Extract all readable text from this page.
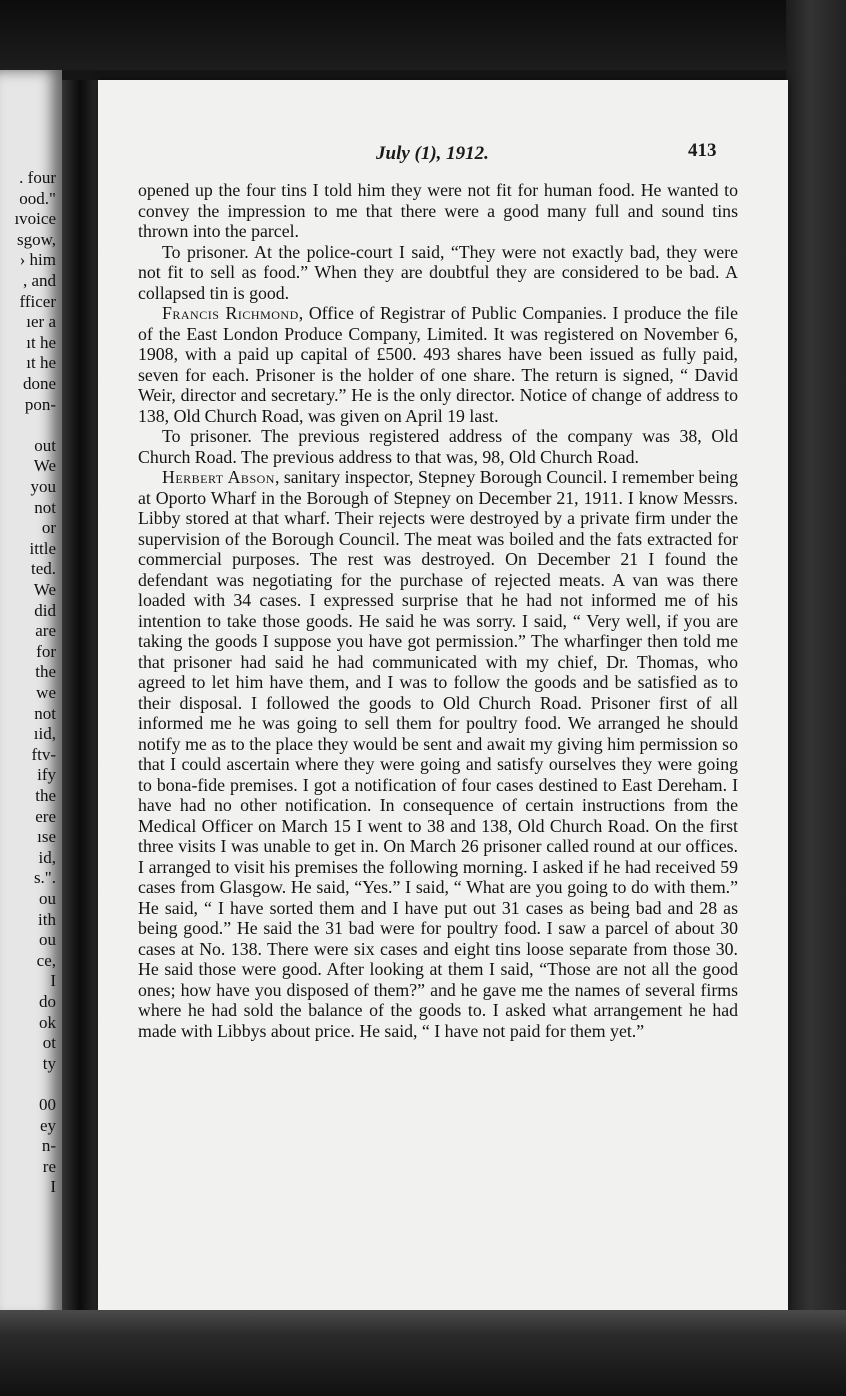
. four
ood."
ıvoice
sgow,
› him
, and
fficer
ıer a
ıt he
ıt he
done
pon-
out
We
you
not
or
ittle
ted.
We
did
are
for
the
we
not
ıid,
ftv-
ify
the
ere
ıse
id,
s.".
ou
ith
ou
ce,
I
do
ok
ot
ty
00
ey
n-
re
I
July (1), 1912.	413

opened up the four tins I told him they were not fit for human food. He wanted to convey the impression to me that there were a good many full and sound tins thrown into the parcel.

To prisoner. At the police-court I said, “They were not exactly bad, they were not fit to sell as food.” When they are doubtful they are considered to be bad. A collapsed tin is good.

Francis Richmond, Office of Registrar of Public Companies. I produce the file of the East London Produce Company, Limited. It was registered on November 6, 1908, with a paid up capital of £500. 493 shares have been issued as fully paid, seven for each. Prisoner is the holder of one share. The return is signed, “ David Weir, director and secretary.” He is the only director. Notice of change of address to 138, Old Church Road, was given on April 19 last.

To prisoner. The previous registered address of the company was 38, Old Church Road. The previous address to that was, 98, Old Church Road.

Herbert Abson, sanitary inspector, Stepney Borough Council. I remember being at Oporto Wharf in the Borough of Stepney on December 21, 1911. I know Messrs. Libby stored at that wharf. Their rejects were destroyed by a private firm under the supervision of the Borough Council. The meat was boiled and the fats extracted for commercial purposes. The rest was destroyed. On December 21 I found the defendant was negotiating for the purchase of rejected meats. A van was there loaded with 34 cases. I expressed surprise that he had not informed me of his intention to take those goods. He said he was sorry. I said, “ Very well, if you are taking the goods I suppose you have got permission.” The wharfinger then told me that prisoner had said he had communicated with my chief, Dr. Thomas, who agreed to let him have them, and I was to follow the goods and be satisfied as to their disposal. I followed the goods to Old Church Road. Prisoner first of all informed me he was going to sell them for poultry food. We arranged he should notify me as to the place they would be sent and await my giving him permission so that I could ascertain where they were going and satisfy ourselves they were going to bona-fide premises. I got a notification of four cases destined to East Dereham. I have had no other notification. In consequence of certain instructions from the Medical Officer on March 15 I went to 38 and 138, Old Church Road. On the first three visits I was unable to get in. On March 26 prisoner called round at our offices. I arranged to visit his premises the following morning. I asked if he had received 59 cases from Glasgow. He said, “Yes.” I said, “ What are you going to do with them.” He said, “ I have sorted them and I have put out 31 cases as being bad and 28 as being good.” He said the 31 bad were for poultry food. I saw a parcel of about 30 cases at No. 138. There were six cases and eight tins loose separate from those 30. He said those were good. After looking at them I said, “Those are not all the good ones; how have you disposed of them?” and he gave me the names of several firms where he had sold the balance of the goods to. I asked what arrangement he had made with Libbys about price. He said, “ I have not paid for them yet.”
